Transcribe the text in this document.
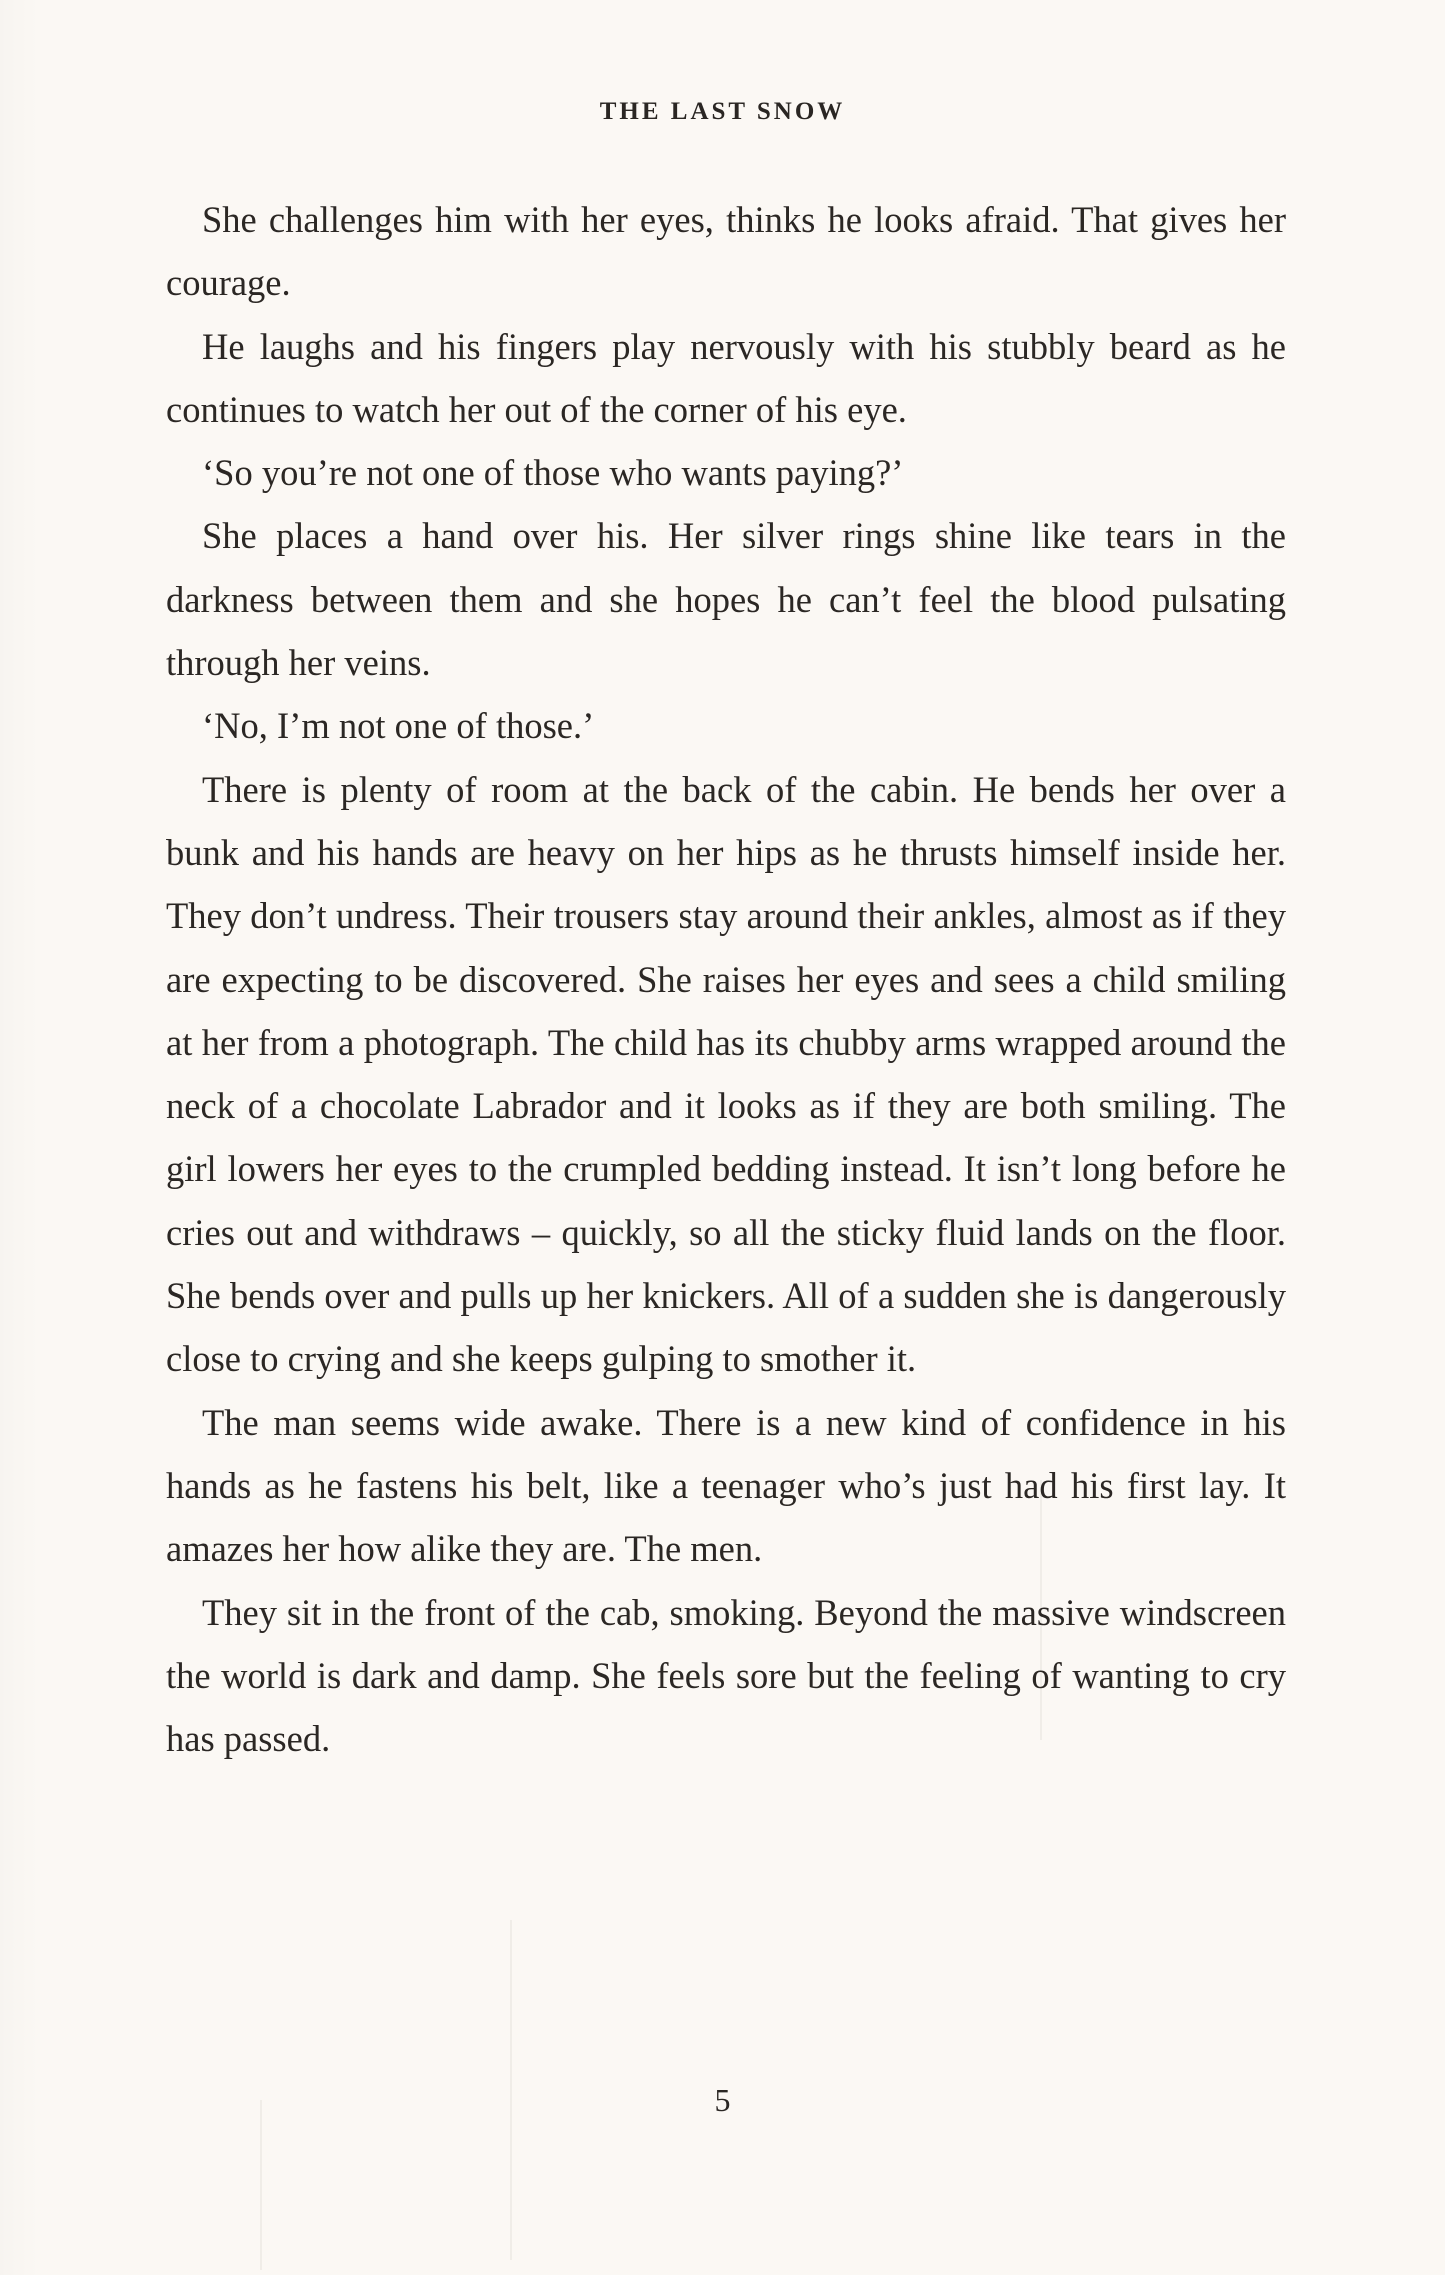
THE LAST SNOW

She challenges him with her eyes, thinks he looks afraid. That gives her courage.

He laughs and his fingers play nervously with his stubbly beard as he continues to watch her out of the corner of his eye.

‘So you’re not one of those who wants paying?’

She places a hand over his. Her silver rings shine like tears in the darkness between them and she hopes he can’t feel the blood pulsating through her veins.

‘No, I’m not one of those.’

There is plenty of room at the back of the cabin. He bends her over a bunk and his hands are heavy on her hips as he thrusts himself inside her. They don’t undress. Their trousers stay around their ankles, almost as if they are expecting to be discovered. She raises her eyes and sees a child smiling at her from a photograph. The child has its chubby arms wrapped around the neck of a chocolate Labrador and it looks as if they are both smiling. The girl lowers her eyes to the crumpled bedding instead. It isn’t long before he cries out and withdraws – quickly, so all the sticky fluid lands on the floor. She bends over and pulls up her knickers. All of a sudden she is dangerously close to crying and she keeps gulping to smother it.

The man seems wide awake. There is a new kind of confidence in his hands as he fastens his belt, like a teenager who’s just had his first lay. It amazes her how alike they are. The men.

They sit in the front of the cab, smoking. Beyond the massive windscreen the world is dark and damp. She feels sore but the feeling of wanting to cry has passed.

5
